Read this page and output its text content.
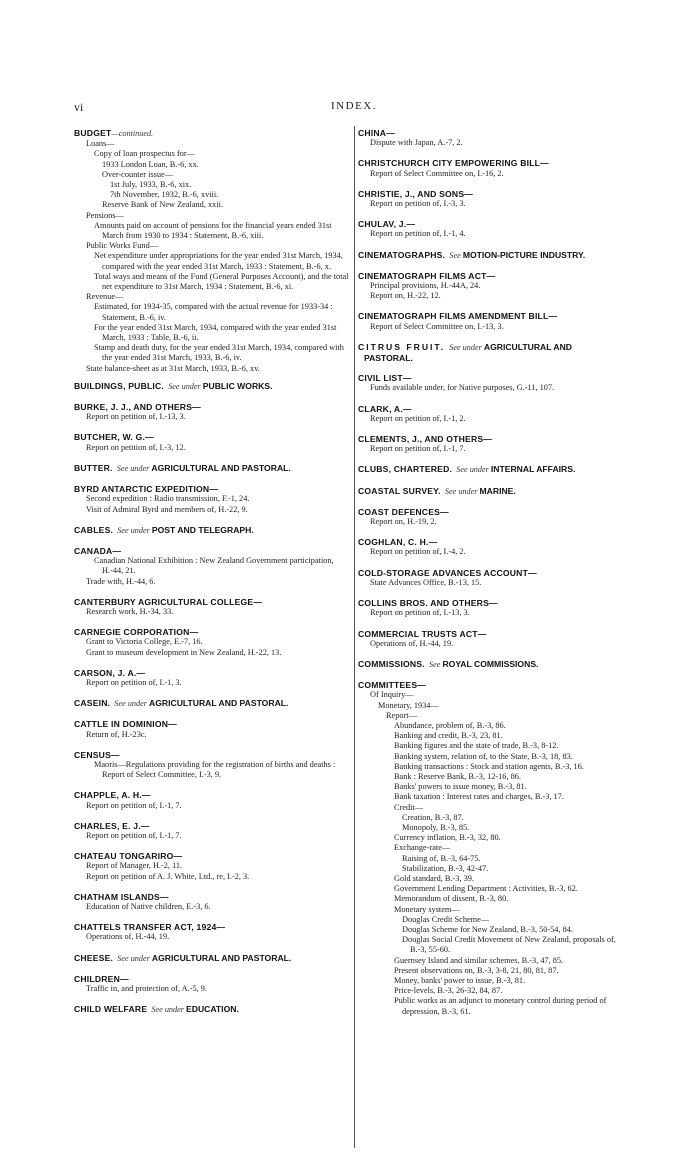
vi	INDEX.
BUDGET—continued.
Loans—
Copy of loan prospectus for—
1933 London Loan, B.-6, xx.
Over-counter issue—
1st July, 1933, B.-6, xix.
7th November, 1932, B.-6, xviii.
Reserve Bank of New Zealand, xxii.
Pensions—
Amounts paid on account of pensions for the financial years ended 31st March from 1930 to 1934 : Statement, B.-6, xiii.
Public Works Fund—
Net expenditure under appropriations for the year ended 31st March, 1934, compared with the year ended 31st March, 1933 : Statement, B.-6, x.
Total ways and means of the Fund (General Purposes Account), and the total net expenditure to 31st March, 1934 : Statement, B.-6, xi.
Revenue—
Estimated, for 1934-35, compared with the actual revenue for 1933-34 : Statement, B.-6, iv.
For the year ended 31st March, 1934, compared with the year ended 31st March, 1933 : Table, B.-6, ii.
Stamp and death duty, for the year ended 31st March, 1934, compared with the year ended 31st March, 1933, B.-6, iv.
State balance-sheet as at 31st March, 1933, B.-6, xv.
BUILDINGS, PUBLIC. See under PUBLIC WORKS.
BURKE, J. J., AND OTHERS—
Report on petition of, I.-13, 3.
BUTCHER, W. G.—
Report on petition of, I.-3, 12.
BUTTER. See under AGRICULTURAL AND PASTORAL.
BYRD ANTARCTIC EXPEDITION—
Second expedition : Radio transmission, F.-1, 24.
Visit of Admiral Byrd and members of, H.-22, 9.
CABLES. See under POST AND TELEGRAPH.
CANADA—
Canadian National Exhibition : New Zealand Government participation, H.-44, 21.
Trade with, H.-44, 6.
CANTERBURY AGRICULTURAL COLLEGE—
Research work, H.-34, 33.
CARNEGIE CORPORATION—
Grant to Victoria College, E.-7, 16.
Grant to museum development in New Zealand, H.-22, 13.
CARSON, J. A.—
Report on petition of, I.-1, 3.
CASEIN. See under AGRICULTURAL AND PASTORAL.
CATTLE IN DOMINION—
Return of, H.-23c.
CENSUS—
Maoris—Regulations providing for the registration of births and deaths : Report of Select Committee, I.-3, 9.
CHAPPLE, A. H.—
Report on petition of, I.-1, 7.
CHARLES, E. J.—
Report on petition of, I.-1, 7.
CHATEAU TONGARIRO—
Report of Manager, H.-2, 11.
Report on petition of A. J. White, Ltd., re, I.-2, 3.
CHATHAM ISLANDS—
Education of Native children, E.-3, 6.
CHATTELS TRANSFER ACT, 1924—
Operations of, H.-44, 19.
CHEESE. See under AGRICULTURAL AND PASTORAL.
CHILDREN—
Traffic in, and protection of, A.-5, 9.
CHILD WELFARE See under EDUCATION.
CHINA—
Dispute with Japan, A.-7, 2.
CHRISTCHURCH CITY EMPOWERING BILL—
Report of Select Committee on, I.-16, 2.
CHRISTIE, J., AND SONS—
Report on petition of, I.-3, 3.
CHULAV, J.—
Report on petition of, I.-1, 4.
CINEMATOGRAPHS. See MOTION-PICTURE INDUSTRY.
CINEMATOGRAPH FILMS ACT—
Principal provisions, H.-44A, 24.
Report on, H.-22, 12.
CINEMATOGRAPH FILMS AMENDMENT BILL—
Report of Select Committee on, I.-13, 3.
CITRUS FRUIT. See under AGRICULTURAL AND
PASTORAL.
CIVIL LIST—
Funds available under, for Native purposes, G.-11, 107.
CLARK, A.—
Report on petition of, I.-1, 2.
CLEMENTS, J., AND OTHERS—
Report on petition of, I.-1, 7.
CLUBS, CHARTERED. See under INTERNAL AFFAIRS.
COASTAL SURVEY. See under MARINE.
COAST DEFENCES—
Report on, H.-19, 2.
COGHLAN, C. H.—
Report on petition of, I.-4, 2.
COLD-STORAGE ADVANCES ACCOUNT—
State Advances Office, B.-13, 15.
COLLINS BROS. AND OTHERS—
Report on petition of, I.-13, 3.
COMMERCIAL TRUSTS ACT—
Operations of, H.-44, 19.
COMMISSIONS. See ROYAL COMMISSIONS.
COMMITTEES—
Of Inquiry—
Monetary, 1934—
Report—
Abundance, problem of, B.-3, 86.
Banking and credit, B.-3, 23, 81.
Banking figures and the state of trade, B.-3, 8-12.
Banking system, relation of, to the State, B.-3, 18, 83.
Banking transactions : Stock and station agents, B.-3, 16.
Bank : Reserve Bank, B.-3, 12-16, 86.
Banks' powers to issue money, B.-3, 81.
Bank taxation : Interest rates and charges, B.-3, 17.
Credit—
Creation, B.-3, 87.
Monopoly, B.-3, 85.
Currency inflation, B.-3, 32, 80.
Exchange-rate—
Raising of, B.-3, 64-75.
Stabilization, B.-3, 42-47.
Gold standard, B.-3, 39.
Government Lending Department : Activities, B.-3, 62.
Memorandum of dissent, B.-3, 80.
Monetary system—
Douglas Credit Scheme—
Douglas Scheme for New Zealand, B.-3, 50-54, 84.
Douglas Social Credit Movement of New Zealand, proposals of, B.-3, 55-60.
Guernsey Island and similar schemes, B.-3, 47, 85.
Present observations on, B.-3, 3-8, 21, 80, 81, 87.
Money, banks' power to issue, B.-3, 81.
Price-levels, B.-3, 26-32, 84, 87.
Public works as an adjunct to monetary control during period of depression, B.-3, 61.
